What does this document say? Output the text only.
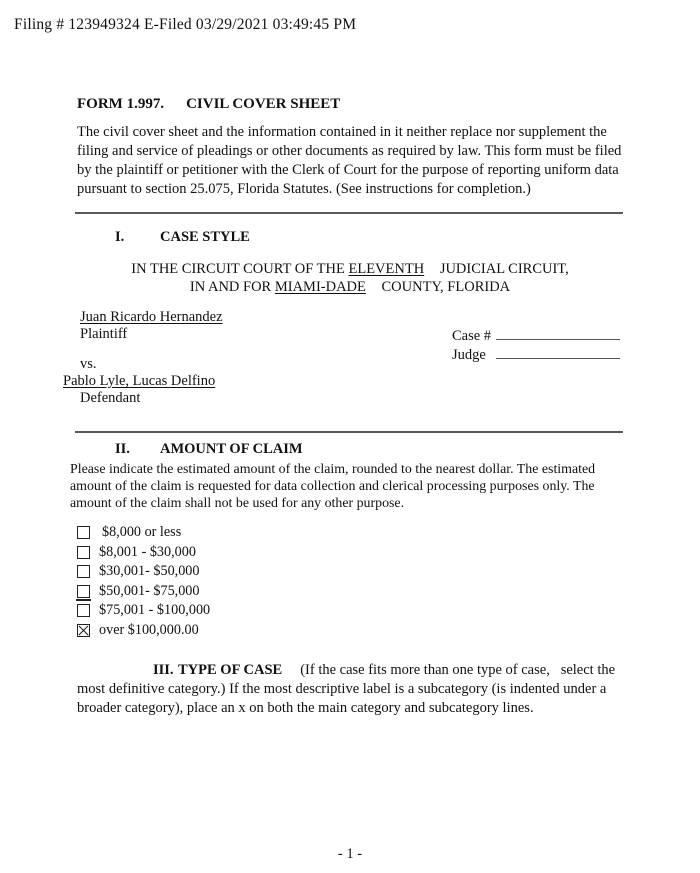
Filing # 123949324 E-Filed 03/29/2021 03:49:45 PM
FORM 1.997. CIVIL COVER SHEET

The civil cover sheet and the information contained in it neither replace nor supplement the filing and service of pleadings or other documents as required by law. This form must be filed by the plaintiff or petitioner with the Clerk of Court for the purpose of reporting uniform data pursuant to section 25.075, Florida Statutes. (See instructions for completion.)

I. CASE STYLE
IN THE CIRCUIT COURT OF THE ELEVENTH JUDICIAL CIRCUIT,
IN AND FOR MIAMI-DADE COUNTY, FLORIDA
Juan Ricardo Hernandez
Plaintiff	Case #
Judge
vs.
Pablo Lyle, Lucas Delfino
Defendant
II. AMOUNT OF CLAIM

Please indicate the estimated amount of the claim, rounded to the nearest dollar. The estimated amount of the claim is requested for data collection and clerical processing purposes only. The amount of the claim shall not be used for any other purpose.

$8,000 or less
$8,001 - $30,000
$30,001- $50,000
$50,001- $75,000
$75,001 - $100,000
over $100,000.00

III. TYPE OF CASE (If the case fits more than one type of case,   select the most definitive category.) If the most descriptive label is a subcategory (is indented under a broader category), place an x on both the main category and subcategory lines.

- 1 -
